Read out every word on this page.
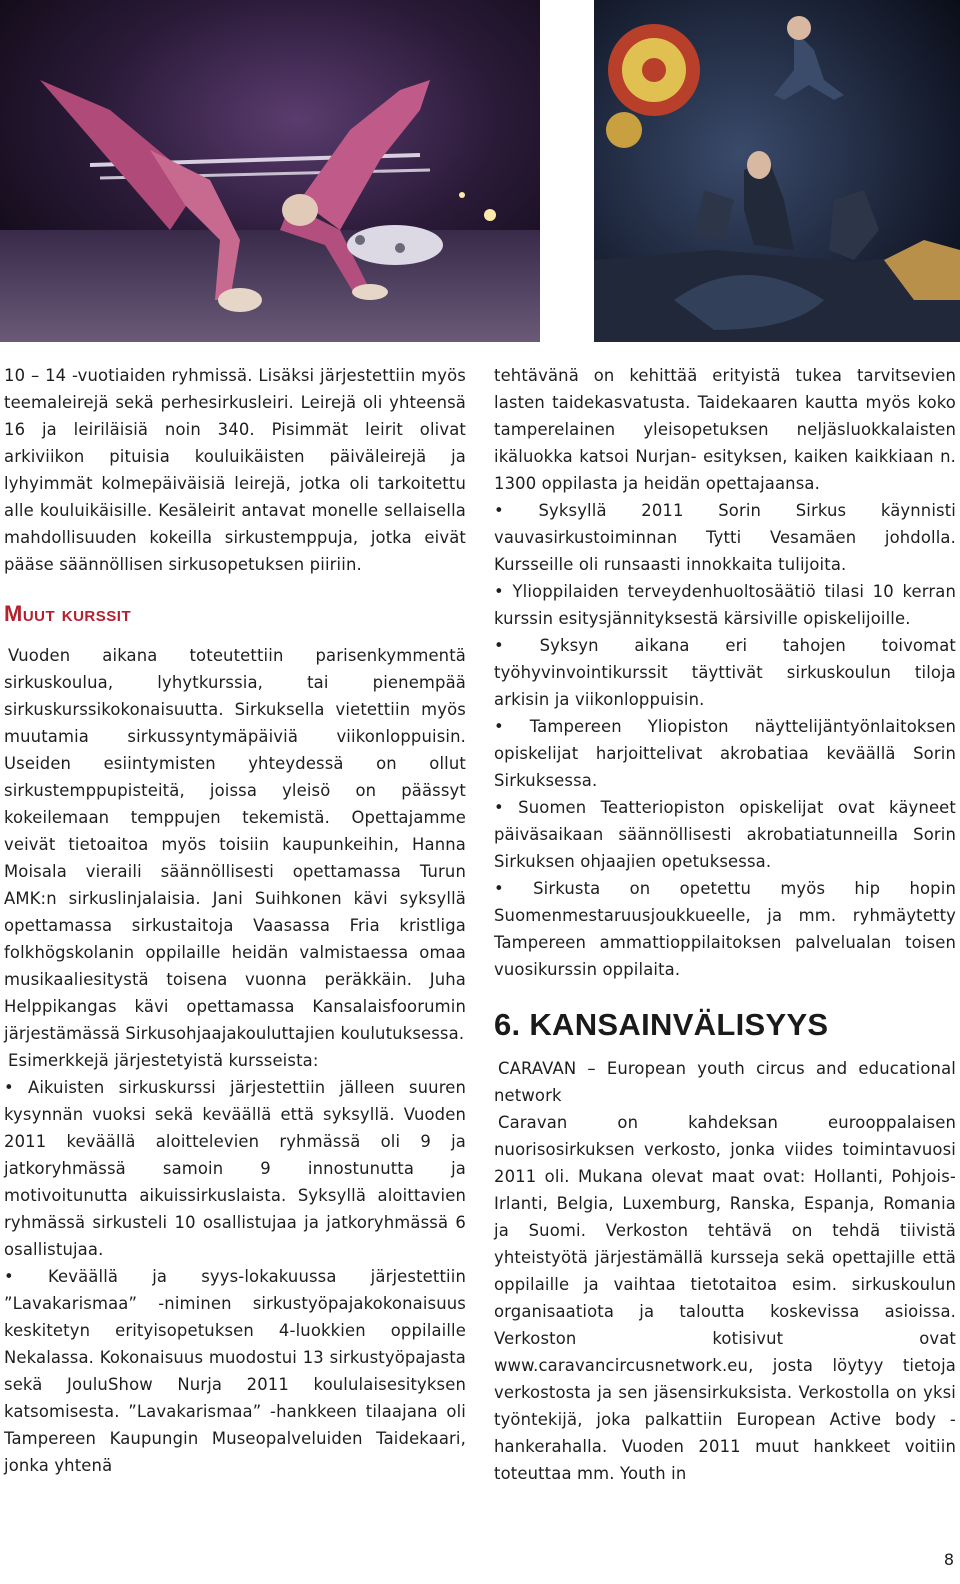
10 – 14 -vuotiaiden ryhmissä. Lisäksi järjestettiin myös teemaleirejä sekä perhesirkusleiri. Leirejä oli yhteensä 16 ja leiriläisiä noin 340. Pisimmät leirit olivat arkiviikon pituisia kouluikäisten päiväleirejä ja lyhyimmät kolmepäiväisiä leirejä, jotka oli tarkoitettu alle kouluikäisille. Kesäleirit antavat monelle sellaisella mahdollisuuden kokeilla sirkustemppuja, jotka eivät pääse säännöllisen sirkusopetuksen piiriin.

Muut kurssit

Vuoden aikana toteutettiin parisenkymmentä sirkuskoulua, lyhytkurssia, tai pienempää sirkuskurssikokonaisuutta. Sirkuksella vietettiin myös muutamia sirkussyntymäpäiviä viikonloppuisin. Useiden esiintymisten yhteydessä on ollut sirkustemppupisteitä, joissa yleisö on päässyt kokeilemaan temppujen tekemistä. Opettajamme veivät tietoaitoa myös toisiin kaupunkeihin, Hanna Moisala vieraili säännöllisesti opettamassa Turun AMK:n sirkuslinjalaisia. Jani Suihkonen kävi syksyllä opettamassa sirkustaitoja Vaasassa Fria kristliga folkhögskolanin oppilaille heidän valmistaessa omaa musikaaliesitystä toisena vuonna peräkkäin. Juha Helppikangas kävi opettamassa Kansalaisfoorumin järjestämässä Sirkusohjaajakouluttajien koulutuksessa.

Esimerkkejä järjestetyistä kursseista:

• Aikuisten sirkuskurssi järjestettiin jälleen suuren kysynnän vuoksi sekä keväällä että syksyllä. Vuoden 2011 keväällä aloittelevien ryhmässä oli 9 ja jatkoryhmässä samoin 9 innostunutta ja motivoitunutta aikuissirkuslaista. Syksyllä aloittavien ryhmässä sirkusteli 10 osallistujaa ja jatkoryhmässä 6 osallistujaa.

• Keväällä ja syys-lokakuussa järjestettiin ”Lavakarismaa” -niminen sirkustyöpajakokonaisuus keskitetyn erityisopetuksen 4-luokkien oppilaille Nekalassa. Kokonaisuus muodostui 13 sirkustyöpajasta sekä JouluShow Nurja 2011 koululaisesityksen katsomisesta. ”Lavakarismaa” -hankkeen tilaajana oli Tampereen Kaupungin Museopalveluiden Taidekaari, jonka yhtenä

tehtävänä on kehittää erityistä tukea tarvitsevien lasten taidekasvatusta. Taidekaaren kautta myös koko tamperelainen yleisopetuksen neljäsluokkalaisten ikäluokka katsoi Nurjan- esityksen, kaiken kaikkiaan n. 1300 oppilasta ja heidän opettajaansa.

• Syksyllä 2011 Sorin Sirkus käynnisti vauvasirkustoiminnan Tytti Vesamäen johdolla. Kursseille oli runsaasti innokkaita tulijoita.

• Ylioppilaiden terveydenhuoltosäätiö tilasi 10 kerran kurssin esitysjännityksestä kärsiville opiskelijoille.

• Syksyn aikana eri tahojen toivomat työhyvinvointikurssit täyttivät sirkuskoulun tiloja arkisin ja viikonloppuisin.

• Tampereen Yliopiston näyttelijäntyönlaitoksen opiskelijat harjoittelivat akrobatiaa keväällä Sorin Sirkuksessa.

• Suomen Teatteriopiston opiskelijat ovat käyneet päiväsaikaan säännöllisesti akrobatiatunneilla Sorin Sirkuksen ohjaajien opetuksessa.

• Sirkusta on opetettu myös hip hopin Suomenmestaruusjoukkueelle, ja mm. ryhmäytetty Tampereen ammattioppilaitoksen palvelualan toisen vuosikurssin oppilaita.

6. KANSAINVÄLISYYS

CARAVAN – European youth circus and educational network

Caravan on kahdeksan eurooppalaisen nuorisosirkuksen verkosto, jonka viides toimintavuosi 2011 oli. Mukana olevat maat ovat: Hollanti, Pohjois-Irlanti, Belgia, Luxemburg, Ranska, Espanja, Romania ja Suomi. Verkoston tehtävä on tehdä tiivistä yhteistyötä järjestämällä kursseja sekä opettajille että oppilaille ja vaihtaa tietotaitoa esim. sirkuskoulun organisaatiota ja taloutta koskevissa asioissa. Verkoston kotisivut ovat www.caravancircusnetwork.eu, josta löytyy tietoja verkostosta ja sen jäsensirkuksista. Verkostolla on yksi työntekijä, joka palkattiin European Active body -hankerahalla. Vuoden 2011 muut hankkeet voitiin toteuttaa mm. Youth in

8
